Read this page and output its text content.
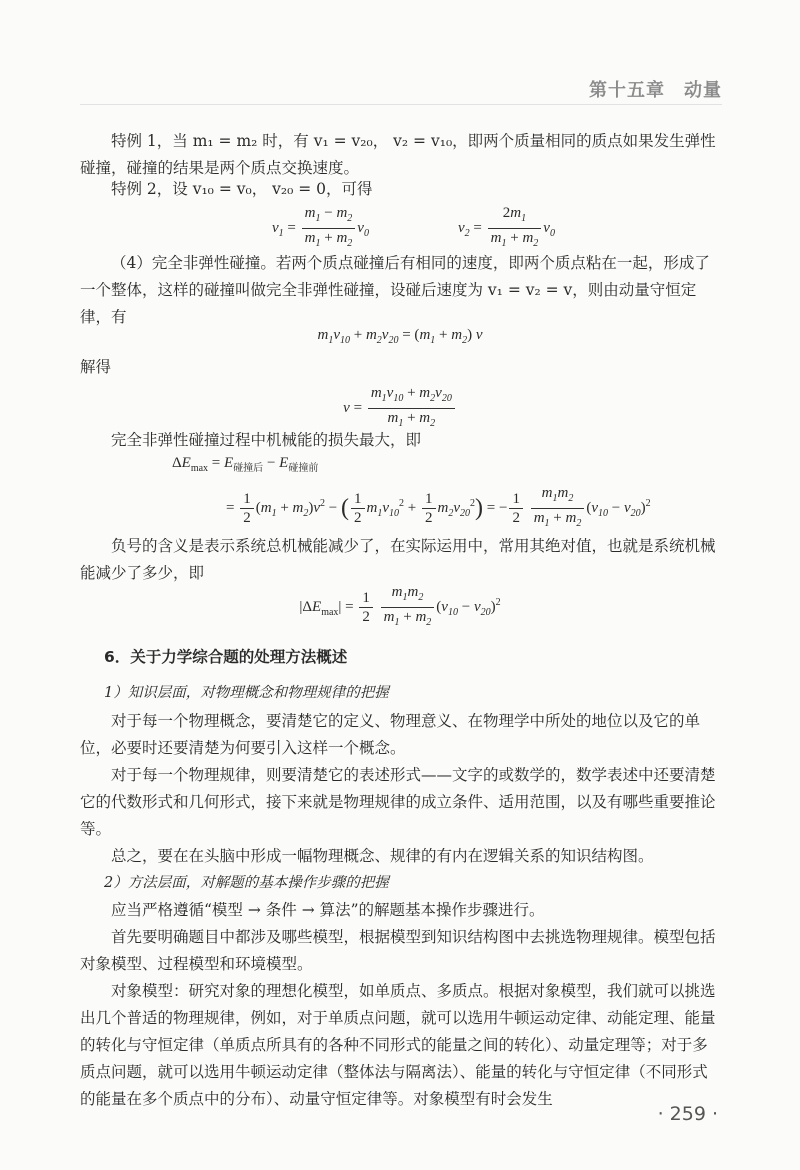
第十五章　动量

特例 1，当 m₁ = m₂ 时，有 v₁ = v₂₀， v₂ = v₁₀，即两个质量相同的质点如果发生弹性碰撞，碰撞的结果是两个质点交换速度。

特例 2，设 v₁₀ = v₀， v₂₀ = 0，可得

$v_1 = \frac{m_1 - m_2}{m_1 + m_2} v_0$	$v_2 = \frac{2m_1}{m_1 + m_2} v_0$

（4）完全非弹性碰撞。若两个质点碰撞后有相同的速度，即两个质点粘在一起，形成了一个整体，这样的碰撞叫做完全非弹性碰撞，设碰后速度为 v₁ = v₂ = v，则由动量守恒定律，有

$m_1v_{10} + m_2v_{20} = (m_1 + m_2)$ v

解得

$v = \frac{m_1v_{10} + m_2v_{20}}{m_1 + m_2}$

完全非弹性碰撞过程中机械能的损失最大，即

$\Delta E_{max} = E_{碰撞后} - E_{碰撞前}$
= $\frac{1}{2} (m_1 + m_2)v^2$ − ( $\frac{1}{2} m_1v_{10}^2 + \frac{1}{2} m_2v_{20}^2$) = − $\frac{1}{2}$
$\frac{m_1m_2}{m_1 + m_2} (v_{10} - v_{20})^2$

负号的含义是表示系统总机械能减少了，在实际运用中，常用其绝对值，也就是系统机械能减少了多少，即

$|\Delta E_{max}| = \frac{1}{2}$
$\frac{m_1m_2}{m_1 + m_2} (v_{10} - v_{20})^2$
6．关于力学综合题的处理方法概述
1）知识层面，对物理概念和物理规律的把握

对于每一个物理概念，要清楚它的定义、物理意义、在物理学中所处的地位以及它的单位，必要时还要清楚为何要引入这样一个概念。

对于每一个物理规律，则要清楚它的表述形式——文字的或数学的，数学表述中还要清楚它的代数形式和几何形式，接下来就是物理规律的成立条件、适用范围，以及有哪些重要推论等。

总之，要在在头脑中形成一幅物理概念、规律的有内在逻辑关系的知识结构图。

2）方法层面，对解题的基本操作步骤的把握

应当严格遵循“模型 → 条件 → 算法”的解题基本操作步骤进行。

首先要明确题目中都涉及哪些模型，根据模型到知识结构图中去挑选物理规律。模型包括对象模型、过程模型和环境模型。

对象模型：研究对象的理想化模型，如单质点、多质点。根据对象模型，我们就可以挑选出几个普适的物理规律，例如，对于单质点问题，就可以选用牛顿运动定律、动能定理、能量的转化与守恒定律（单质点所具有的各种不同形式的能量之间的转化）、动量定理等；对于多质点问题，就可以选用牛顿运动定律（整体法与隔离法）、能量的转化与守恒定律（不同形式的能量在多个质点中的分布）、动量守恒定律等。对象模型有时会发生

· 259 ·
